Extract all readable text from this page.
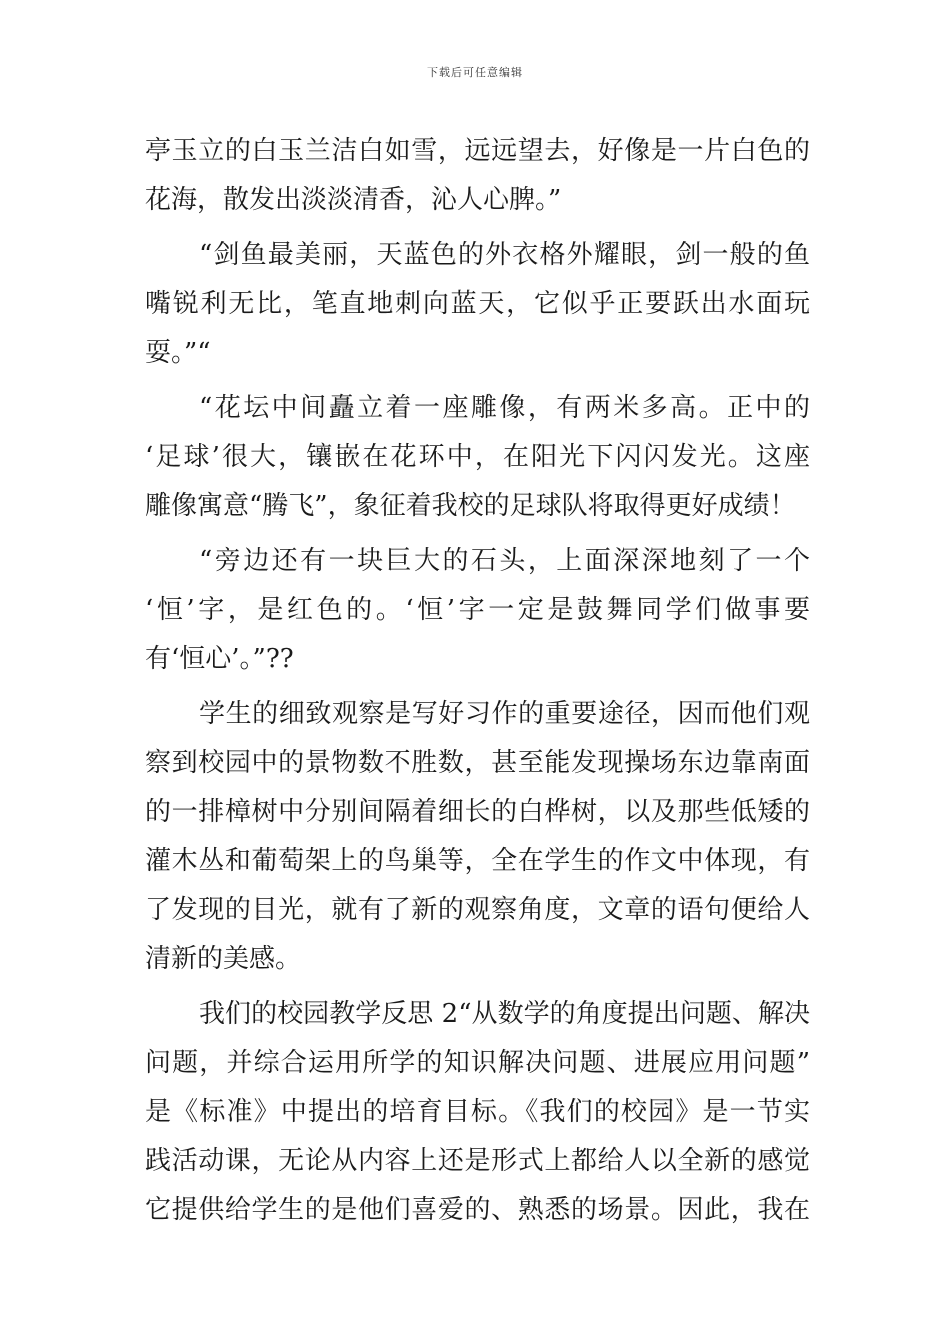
下载后可任意编辑
亭玉立的白玉兰洁白如雪，远远望去，好像是一片白色的
花海，散发出淡淡清香，沁人心脾。”
“剑鱼最美丽，天蓝色的外衣格外耀眼，剑一般的鱼
嘴锐利无比，笔直地刺向蓝天，它似乎正要跃出水面玩
耍。”“
“花坛中间矗立着一座雕像，有两米多高。正中的
‘足球’很大，镶嵌在花环中，在阳光下闪闪发光。这座
雕像寓意“腾飞”，象征着我校的足球队将取得更好成绩！
“旁边还有一块巨大的石头，上面深深地刻了一个
‘恒’字，是红色的。‘恒’字一定是鼓舞同学们做事要
有‘恒心’。”??
学生的细致观察是写好习作的重要途径，因而他们观
察到校园中的景物数不胜数，甚至能发现操场东边靠南面
的一排樟树中分别间隔着细长的白桦树，以及那些低矮的
灌木丛和葡萄架上的鸟巢等，全在学生的作文中体现，有
了发现的目光，就有了新的观察角度，文章的语句便给人
清新的美感。
我们的校园教学反思 2“从数学的角度提出问题、解决
问题，并综合运用所学的知识解决问题、进展应用问题”
是《标准》中提出的培育目标。《我们的校园》是一节实
践活动课，无论从内容上还是形式上都给人以全新的感觉
它提供给学生的是他们喜爱的、熟悉的场景。因此，我在
